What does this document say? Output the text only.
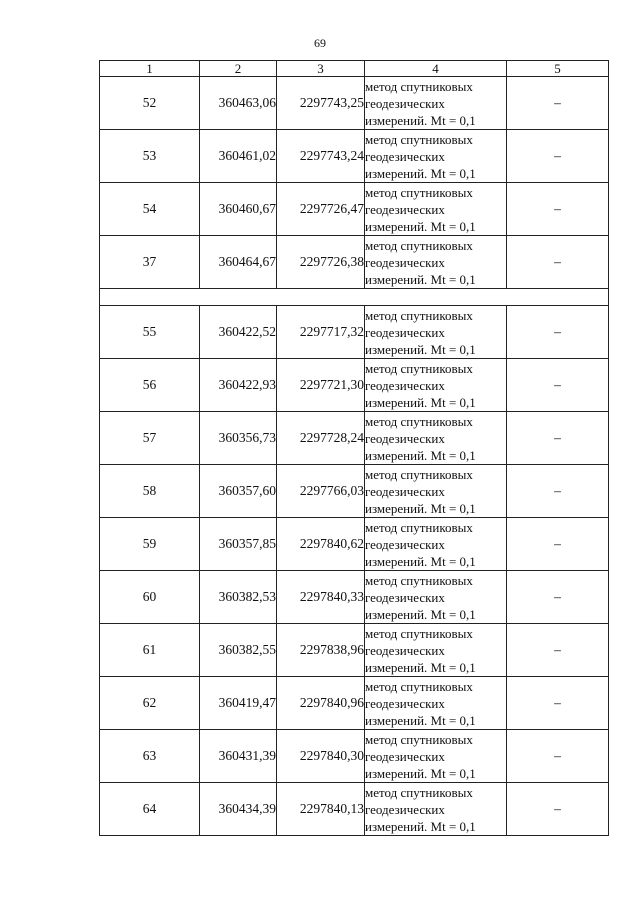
69
1	2	3	4	5
52	360463,06	2297743,25	метод спутниковых
геодезических
измерений. Mt = 0,1	–
53	360461,02	2297743,24	метод спутниковых
геодезических
измерений. Mt = 0,1	–
54	360460,67	2297726,47	метод спутниковых
геодезических
измерений. Mt = 0,1	–
37	360464,67	2297726,38	метод спутниковых
геодезических
измерений. Mt = 0,1	–

55	360422,52	2297717,32	метод спутниковых
геодезических
измерений. Mt = 0,1	–
56	360422,93	2297721,30	метод спутниковых
геодезических
измерений. Mt = 0,1	–
57	360356,73	2297728,24	метод спутниковых
геодезических
измерений. Mt = 0,1	–
58	360357,60	2297766,03	метод спутниковых
геодезических
измерений. Mt = 0,1	–
59	360357,85	2297840,62	метод спутниковых
геодезических
измерений. Mt = 0,1	–
60	360382,53	2297840,33	метод спутниковых
геодезических
измерений. Mt = 0,1	–
61	360382,55	2297838,96	метод спутниковых
геодезических
измерений. Mt = 0,1	–
62	360419,47	2297840,96	метод спутниковых
геодезических
измерений. Mt = 0,1	–
63	360431,39	2297840,30	метод спутниковых
геодезических
измерений. Mt = 0,1	–
64	360434,39	2297840,13	метод спутниковых
геодезических
измерений. Mt = 0,1	–
